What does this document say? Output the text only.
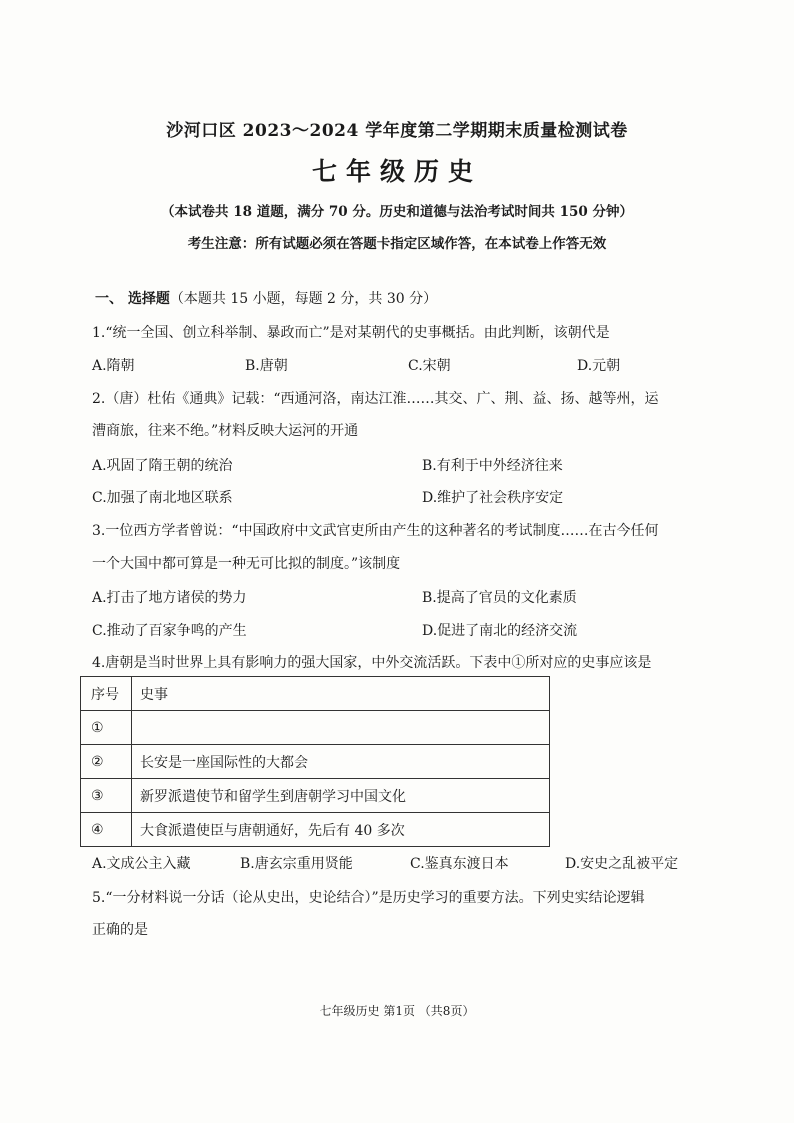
沙河口区 2023～2024 学年度第二学期期末质量检测试卷
七年级历史
（本试卷共 18 道题，满分 70 分。历史和道德与法治考试时间共 150 分钟）
考生注意：所有试题必须在答题卡指定区域作答，在本试卷上作答无效
一、 选择题（本题共 15 小题，每题 2 分，共 30 分）
1.“统一全国、创立科举制、暴政而亡”是对某朝代的史事概括。由此判断，该朝代是
A.隋朝	B.唐朝	C.宋朝	D.元朝
2.（唐）杜佑《通典》记载：“西通河洛，南达江淮……其交、广、荆、益、扬、越等州，运
漕商旅，往来不绝。”材料反映大运河的开通
A.巩固了隋王朝的统治	B.有利于中外经济往来
C.加强了南北地区联系	D.维护了社会秩序安定
3.一位西方学者曾说：“中国政府中文武官吏所由产生的这种著名的考试制度……在古今任何
一个大国中都可算是一种无可比拟的制度。”该制度
A.打击了地方诸侯的势力	B.提高了官员的文化素质
C.推动了百家争鸣的产生	D.促进了南北的经济交流
4.唐朝是当时世界上具有影响力的强大国家，中外交流活跃。下表中①所对应的史事应该是
序号	史事
①	
②	长安是一座国际性的大都会
③	新罗派遣使节和留学生到唐朝学习中国文化
④	大食派遣使臣与唐朝通好，先后有 40 多次
A.文成公主入藏	B.唐玄宗重用贤能	C.鉴真东渡日本	D.安史之乱被平定
5.“一分材料说一分话（论从史出，史论结合）”是历史学习的重要方法。下列史实结论逻辑
正确的是
七年级历史 第1页 （共8页）
